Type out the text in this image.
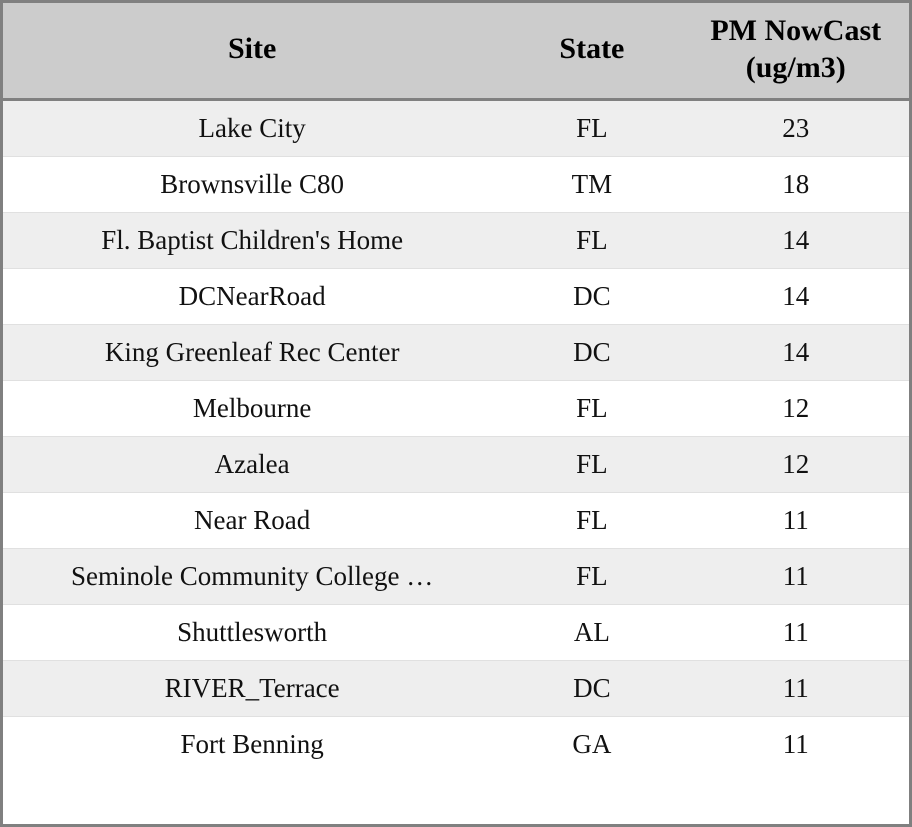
Site	State	PM NowCast (ug/m3)
Lake City	FL	23
Brownsville C80	TM	18
Fl. Baptist Children's Home	FL	14
DCNearRoad	DC	14
King Greenleaf Rec Center	DC	14
Melbourne	FL	12
Azalea	FL	12
Near Road	FL	11
Seminole Community College …	FL	11
Shuttlesworth	AL	11
RIVER_Terrace	DC	11
Fort Benning	GA	11
